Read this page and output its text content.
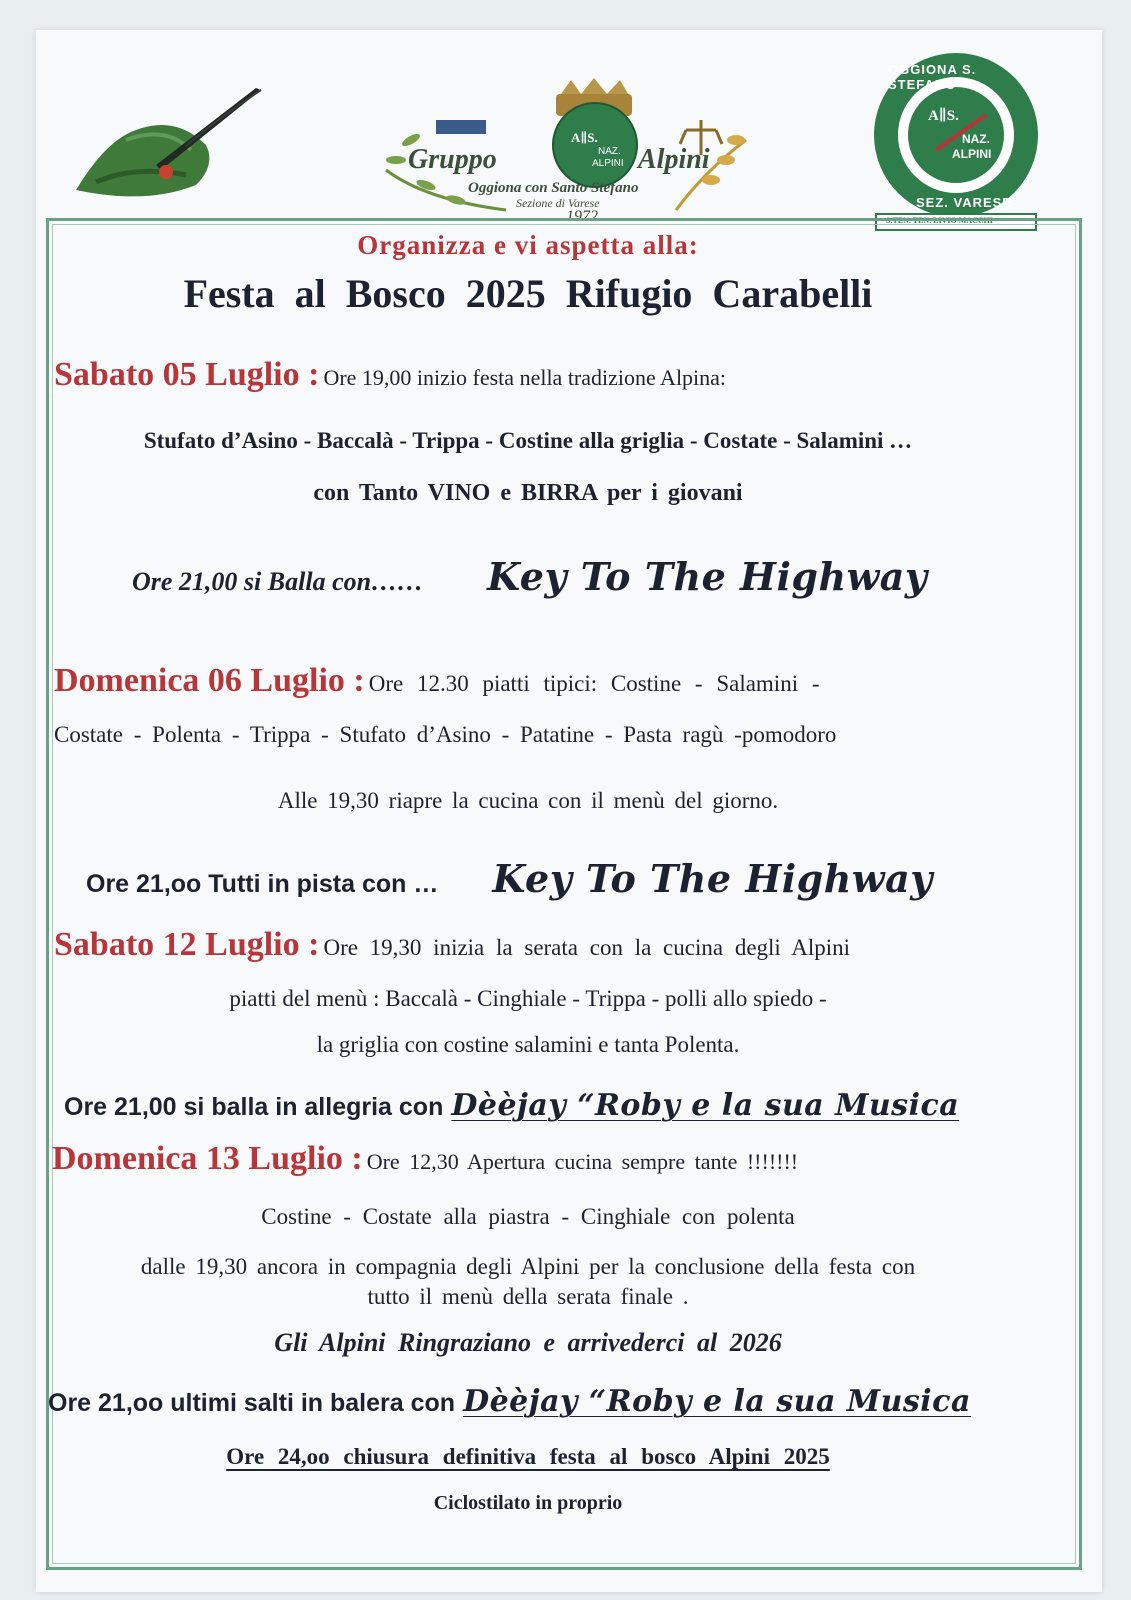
Gruppo	Alpini
A∥S.
NAZ.
ALPINI
Oggiona con Santo Stefano
Sezione di Varese
1972
OGGIONA S. STEFANO
SEZ. VARESE
A∥S.
NAZ.
ALPINI
S.TEN. TEN. LIVIO MACCHI
Organizza e vi aspetta alla:
Festa al Bosco 2025 Rifugio Carabelli
Sabato 05 Luglio : Ore 19,00 inizio festa nella tradizione Alpina:
Stufato d’Asino - Baccalà - Trippa - Costine alla griglia - Costate - Salamini …
con Tanto VINO e BIRRA per i giovani
Ore 21,00 si Balla con…… Key To The Highway
Domenica 06 Luglio : Ore 12.30 piatti tipici: Costine - Salamini -
Costate - Polenta - Trippa - Stufato d’Asino - Patatine - Pasta ragù -pomodoro
Alle 19,30 riapre la cucina con il menù del giorno.
Ore 21,oo Tutti in pista con … Key To The Highway
Sabato 12 Luglio : Ore 19,30 inizia la serata con la cucina degli Alpini
piatti del menù : Baccalà - Cinghiale - Trippa - polli allo spiedo -
la griglia con costine salamini e tanta Polenta.
Ore 21,00 si balla in allegria con Dèèjay “Roby e la sua Musica
Domenica 13 Luglio : Ore 12,30 Apertura cucina sempre tante !!!!!!!
Costine - Costate alla piastra - Cinghiale con polenta
dalle 19,30 ancora in compagnia degli Alpini per la conclusione della festa con
tutto il menù della serata finale .
Gli Alpini Ringraziano e arrivederci al 2026
Ore 21,oo ultimi salti in balera con Dèèjay “Roby e la sua Musica
Ore 24,oo chiusura definitiva festa al bosco Alpini 2025
Ciclostilato in proprio
